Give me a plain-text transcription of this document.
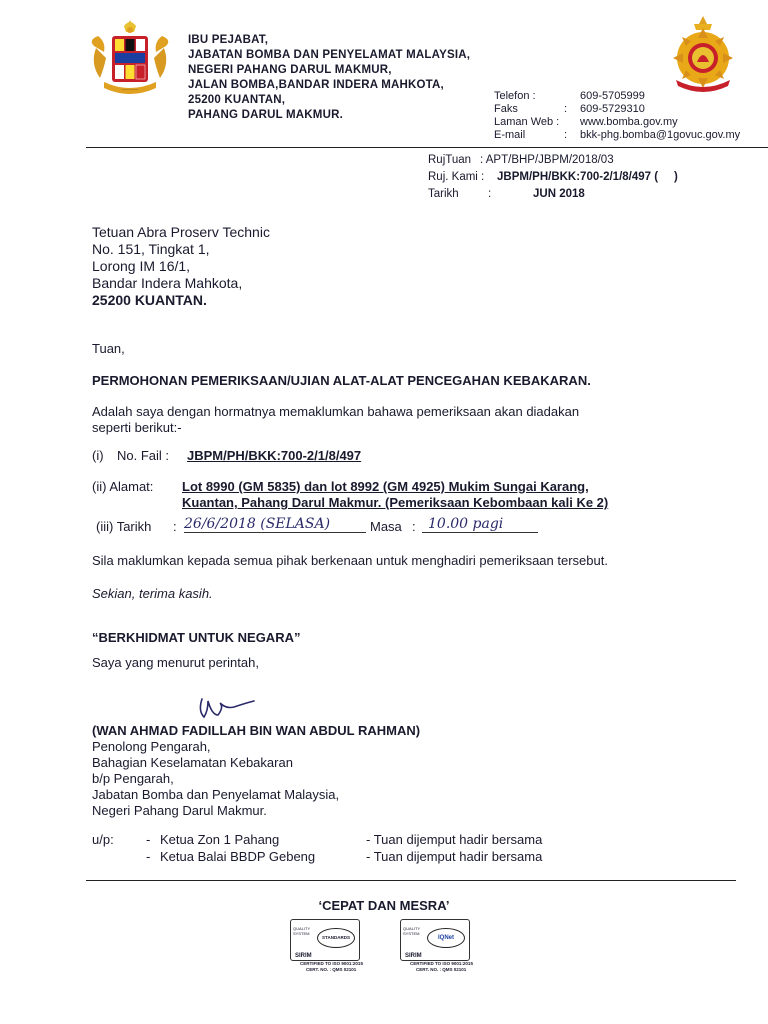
~~~~~~~
IBU PEJABAT,
JABATAN BOMBA DAN PENYELAMAT MALAYSIA,
NEGERI PAHANG DARUL MAKMUR,
JALAN BOMBA,BANDAR INDERA MAHKOTA,
25200 KUANTAN,
PAHANG DARUL MAKMUR.
Telefon :	609-5705999
Faks	: 609-5729310
Laman Web : www.bomba.gov.my
E-mail	: bkk-phg.bomba@1govuc.gov.my
RujTuan : APT/BHP/JBPM/2018/03
Ruj. Kami : JBPM/PH/BKK:700-2/1/8/497 (     )
Tarikh	:	JUN 2018
Tetuan Abra Proserv Technic
No. 151, Tingkat 1,
Lorong IM 16/1,
Bandar Indera Mahkota,
25200 KUANTAN.
Tuan,
PERMOHONAN PEMERIKSAAN/UJIAN ALAT-ALAT PENCEGAHAN KEBAKARAN.
Adalah saya dengan hormatnya memaklumkan bahawa pemeriksaan akan diadakan
seperti berikut:-
(i) No. Fail : JBPM/PH/BKK:700-2/1/8/497
(ii) Alamat: Lot 8990 (GM 5835) dan lot 8992 (GM 4925) Mukim Sungai Karang,
Kuantan, Pahang Darul Makmur. (Pemeriksaan Kebombaan kali Ke 2)
(iii) Tarikh : 26/6/2018 (SELASA)	Masa : 10.00 pagi
Sila maklumkan kepada semua pihak berkenaan untuk menghadiri pemeriksaan tersebut.
Sekian, terima kasih.
“BERKHIDMAT UNTUK NEGARA”
Saya yang menurut perintah,
(WAN AHMAD FADILLAH BIN WAN ABDUL RAHMAN)
Penolong Pengarah,
Bahagian Keselamatan Kebakaran
b/p Pengarah,
Jabatan Bomba dan Penyelamat Malaysia,
Negeri Pahang Darul Makmur.
u/p: - Ketua Zon 1 Pahang	- Tuan dijemput hadir bersama
- Ketua Balai BBDP Gebeng	- Tuan dijemput hadir bersama
‘CEPAT DAN MESRA’
QUALITY SYSTEM
STANDARDS
SIRIM
CERTIFIED TO ISO 9001:2015
CERT. NO. : QMS 02101
QUALITY SYSTEM
IQNet
SIRIM
CERTIFIED TO ISO 9001:2015
CERT. NO. : QMS 02101
